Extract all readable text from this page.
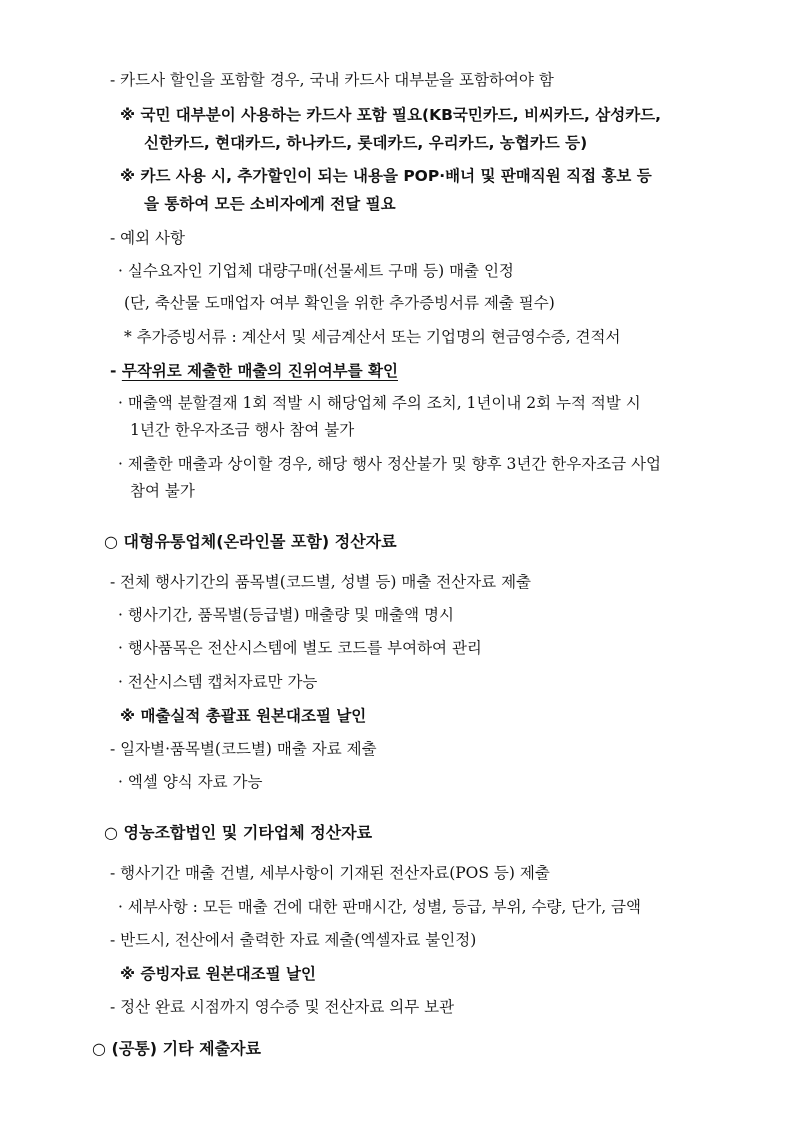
- 카드사 할인을 포함할 경우, 국내 카드사 대부분을 포함하여야 함
※ 국민 대부분이 사용하는 카드사 포함 필요(KB국민카드, 비씨카드, 삼성카드,
신한카드, 현대카드, 하나카드, 롯데카드, 우리카드, 농협카드 등)
※ 카드 사용 시, 추가할인이 되는 내용을 POP·배너 및 판매직원 직접 홍보 등
을 통하여 모든 소비자에게 전달 필요
- 예외 사항
· 실수요자인 기업체 대량구매(선물세트 구매 등) 매출 인정
(단, 축산물 도매업자 여부 확인을 위한 추가증빙서류 제출 필수)
* 추가증빙서류 : 계산서 및 세금계산서 또는 기업명의 현금영수증, 견적서
- 무작위로 제출한 매출의 진위여부를 확인
· 매출액 분할결재 1회 적발 시 해당업체 주의 조치, 1년이내 2회 누적 적발 시
1년간 한우자조금 행사 참여 불가
· 제출한 매출과 상이할 경우, 해당 행사 정산불가 및 향후 3년간 한우자조금 사업
참여 불가
○ 대형유통업체(온라인몰 포함) 정산자료
- 전체 행사기간의 품목별(코드별, 성별 등) 매출 전산자료 제출
· 행사기간, 품목별(등급별) 매출량 및 매출액 명시
· 행사품목은 전산시스템에 별도 코드를 부여하여 관리
· 전산시스템 캡처자료만 가능
※ 매출실적 총괄표 원본대조필 날인
- 일자별·품목별(코드별) 매출 자료 제출
· 엑셀 양식 자료 가능
○ 영농조합법인 및 기타업체 정산자료
- 행사기간 매출 건별, 세부사항이 기재된 전산자료(POS 등) 제출
· 세부사항 : 모든 매출 건에 대한 판매시간, 성별, 등급, 부위, 수량, 단가, 금액
- 반드시, 전산에서 출력한 자료 제출(엑셀자료 불인정)
※ 증빙자료 원본대조필 날인
- 정산 완료 시점까지 영수증 및 전산자료 의무 보관
○ (공통) 기타 제출자료
